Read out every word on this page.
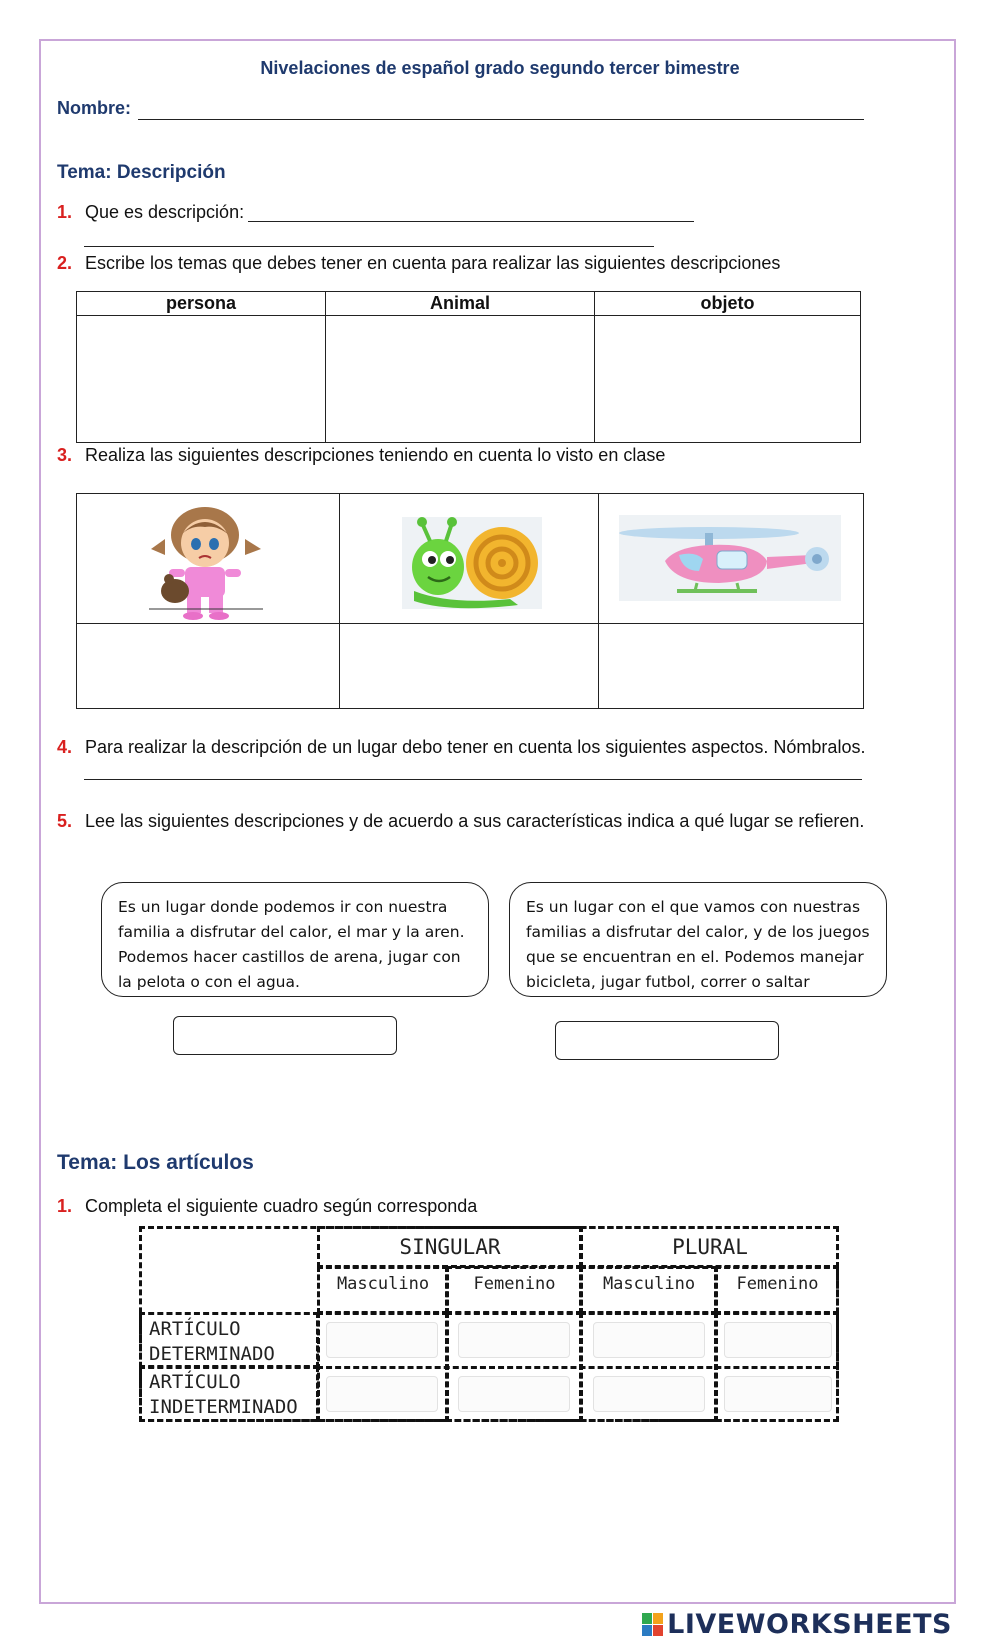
Nivelaciones de español grado segundo tercer bimestre
Nombre:
Tema: Descripción
1. Que es descripción:
2. Escribe los temas que debes tener en cuenta para realizar las siguientes descripciones
persona	Animal	objeto

3. Realiza las siguientes descripciones teniendo en cuenta lo visto en clase

4. Para realizar la descripción de un lugar debo tener en cuenta los siguientes aspectos. Nómbralos.
5. Lee las siguientes descripciones y de acuerdo a sus características indica a qué lugar se refieren.
Es un lugar donde podemos ir con nuestra familia a disfrutar del calor, el mar y la aren. Podemos hacer castillos de arena, jugar con la pelota o con el agua.
Es un lugar con el que vamos con nuestras familias a disfrutar del calor, y de los juegos que se encuentran en el. Podemos manejar bicicleta, jugar futbol, correr o saltar
Tema: Los artículos
1. Completa el siguiente cuadro según corresponda
SINGULAR	PLURAL
Masculino	Femenino	Masculino	Femenino
ARTÍCULO
DETERMINADO
ARTÍCULO
INDETERMINADO
LIVEWORKSHEETS
